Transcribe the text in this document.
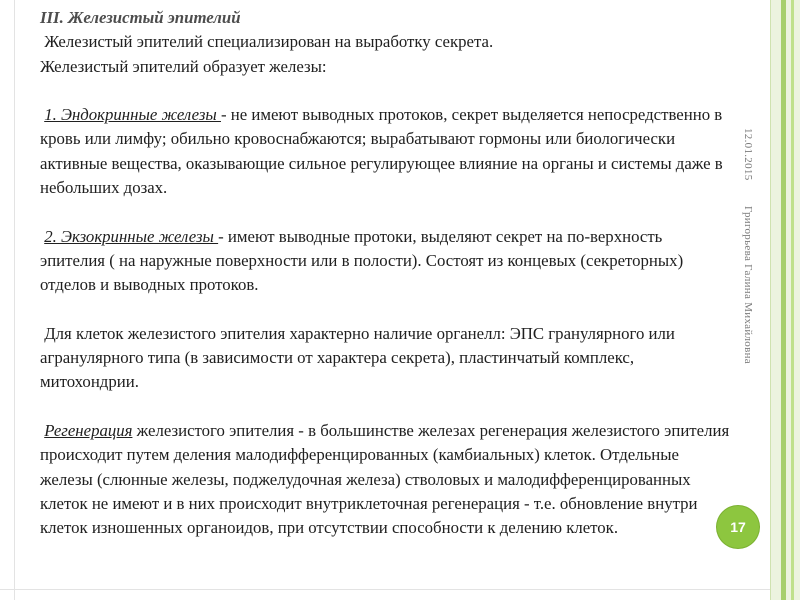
12.01.2015
Григорьева Галина Михайловна

III. Железистый эпителий

Железистый эпителий специализирован на выработку секрета.

Железистый эпителий образует железы:

1. Эндокринные железы - не имеют выводных протоков, секрет выделяется непосредственно в кровь или лимфу; обильно кровоснабжаются; вырабатывают гормоны или биологически активные вещества, оказывающие сильное регулирующее влияние на органы и системы даже в небольших дозах.

2. Экзокринные железы - имеют выводные протоки, выделяют секрет на по-верхность эпителия ( на наружные поверхности или в полости). Состоят из концевых (секреторных) отделов и выводных протоков.

Для клеток железистого эпителия характерно наличие органелл: ЭПС гранулярного или агранулярного типа (в зависимости от характера секрета), пластинчатый комплекс, митохондрии.

Регенерация железистого эпителия - в большинстве железах регенерация железистого эпителия происходит путем деления малодифференцированных (камбиальных) клеток. Отдельные железы (слюнные железы, поджелудочная железа) стволовых и малодифференцированных клеток не имеют и в них происходит внутриклеточная регенерация - т.е. обновление внутри клеток изношенных органоидов, при отсутствии способности к делению клеток.	17
